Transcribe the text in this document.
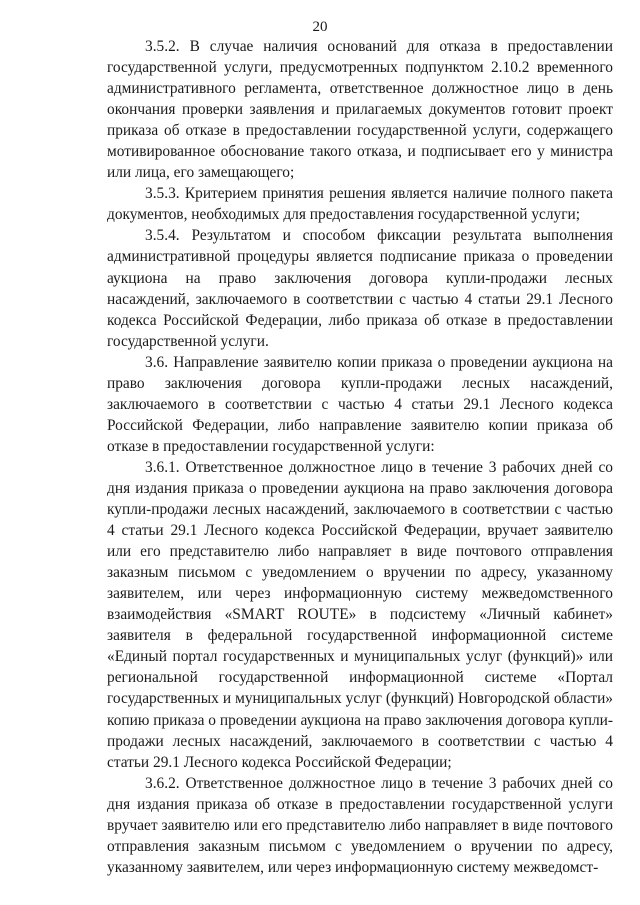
20

3.5.2. В случае наличия оснований для отказа в предоставлении государственной услуги, предусмотренных подпунктом 2.10.2 временного административного регламента, ответственное должностное лицо в день окончания проверки заявления и прилагаемых документов готовит проект приказа об отказе в предоставлении государственной услуги, содержащего мотивированное обоснование такого отказа, и подписывает его у министра или лица, его замещающего;

3.5.3. Критерием принятия решения является наличие полного пакета документов, необходимых для предоставления государственной услуги;

3.5.4. Результатом и способом фиксации результата выполнения административной процедуры является подписание приказа о проведении аукциона на право заключения договора купли-продажи лесных насаждений, заключаемого в соответствии с частью 4 статьи 29.1 Лесного кодекса Российской Федерации, либо приказа об отказе в предоставлении государственной услуги.

3.6. Направление заявителю копии приказа о проведении аукциона на право заключения договора купли-продажи лесных насаждений, заключаемого в соответствии с частью 4 статьи 29.1 Лесного кодекса Российской Федерации, либо направление заявителю копии приказа об отказе в предоставлении государственной услуги:

3.6.1. Ответственное должностное лицо в течение 3 рабочих дней со дня издания приказа о проведении аукциона на право заключения договора купли-продажи лесных насаждений, заключаемого в соответствии с частью 4 статьи 29.1 Лесного кодекса Российской Федерации, вручает заявителю или его представителю либо направляет в виде почтового отправления заказным письмом с уведомлением о вручении по адресу, указанному заявителем, или через информационную систему межведомственного взаимодействия «SMART ROUTE» в подсистему «Личный кабинет» заявителя в федеральной государственной информационной системе «Единый портал государственных и муниципальных услуг (функций)» или региональной государственной информационной системе «Портал государственных и муниципальных услуг (функций) Новгородской области» копию приказа о проведении аукциона на право заключения договора купли-продажи лесных насаждений, заключаемого в соответствии с частью 4 статьи 29.1 Лесного кодекса Российской Федерации;

3.6.2. Ответственное должностное лицо в течение 3 рабочих дней со дня издания приказа об отказе в предоставлении государственной услуги вручает заявителю или его представителю либо направляет в виде почтового отправления заказным письмом с уведомлением о вручении по адресу, указанному заявителем, или через информационную систему межведомст-
